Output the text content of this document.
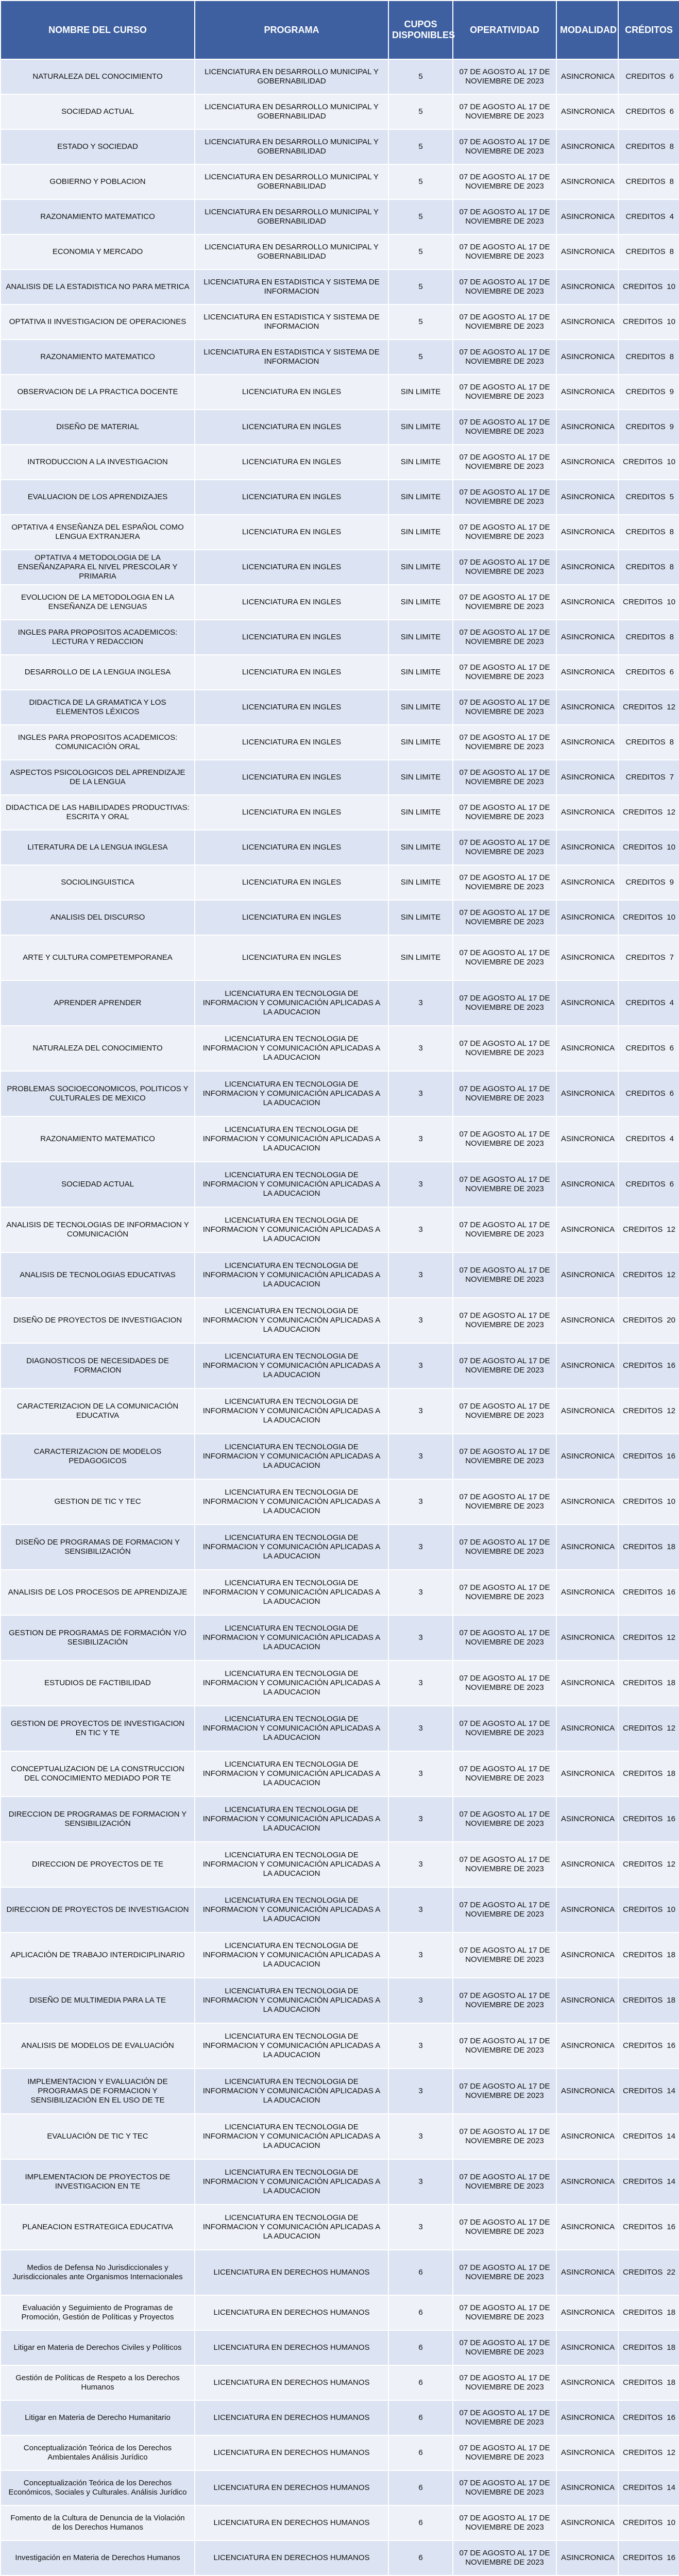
NOMBRE DEL CURSO	PROGRAMA	CUPOS DISPONIBLES	OPERATIVIDAD	MODALIDAD	CRÉDITOS
NATURALEZA DEL CONOCIMIENTO	LICENCIATURA EN DESARROLLO MUNICIPAL Y GOBERNABILIDAD	5	07 DE AGOSTO AL 17 DE NOVIEMBRE DE 2023	ASINCRONICA	CREDITOS 6
SOCIEDAD ACTUAL	LICENCIATURA EN DESARROLLO MUNICIPAL Y GOBERNABILIDAD	5	07 DE AGOSTO AL 17 DE NOVIEMBRE DE 2023	ASINCRONICA	CREDITOS 6
ESTADO Y SOCIEDAD	LICENCIATURA EN DESARROLLO MUNICIPAL Y GOBERNABILIDAD	5	07 DE AGOSTO AL 17 DE NOVIEMBRE DE 2023	ASINCRONICA	CREDITOS 8
GOBIERNO Y POBLACION	LICENCIATURA EN DESARROLLO MUNICIPAL Y GOBERNABILIDAD	5	07 DE AGOSTO AL 17 DE NOVIEMBRE DE 2023	ASINCRONICA	CREDITOS 8
RAZONAMIENTO MATEMATICO	LICENCIATURA EN DESARROLLO MUNICIPAL Y GOBERNABILIDAD	5	07 DE AGOSTO AL 17 DE NOVIEMBRE DE 2023	ASINCRONICA	CREDITOS 4
ECONOMIA Y MERCADO	LICENCIATURA EN DESARROLLO MUNICIPAL Y GOBERNABILIDAD	5	07 DE AGOSTO AL 17 DE NOVIEMBRE DE 2023	ASINCRONICA	CREDITOS 8
ANALISIS DE LA ESTADISTICA NO PARA METRICA	LICENCIATURA EN ESTADISTICA Y SISTEMA DE INFORMACION	5	07 DE AGOSTO AL 17 DE NOVIEMBRE DE 2023	ASINCRONICA	CREDITOS 10
OPTATIVA II INVESTIGACION DE OPERACIONES	LICENCIATURA EN ESTADISTICA Y SISTEMA DE INFORMACION	5	07 DE AGOSTO AL 17 DE NOVIEMBRE DE 2023	ASINCRONICA	CREDITOS 10
RAZONAMIENTO MATEMATICO	LICENCIATURA EN ESTADISTICA Y SISTEMA DE INFORMACION	5	07 DE AGOSTO AL 17 DE NOVIEMBRE DE 2023	ASINCRONICA	CREDITOS 8
OBSERVACION DE LA PRACTICA DOCENTE	LICENCIATURA EN INGLES	SIN LIMITE	07 DE AGOSTO AL 17 DE NOVIEMBRE DE 2023	ASINCRONICA	CREDITOS 9
DISEÑO DE MATERIAL	LICENCIATURA EN INGLES	SIN LIMITE	07 DE AGOSTO AL 17 DE NOVIEMBRE DE 2023	ASINCRONICA	CREDITOS 9
INTRODUCCION A LA INVESTIGACION	LICENCIATURA EN INGLES	SIN LIMITE	07 DE AGOSTO AL 17 DE NOVIEMBRE DE 2023	ASINCRONICA	CREDITOS 10
EVALUACION DE LOS APRENDIZAJES	LICENCIATURA EN INGLES	SIN LIMITE	07 DE AGOSTO AL 17 DE NOVIEMBRE DE 2023	ASINCRONICA	CREDITOS 5
OPTATIVA 4 ENSEÑANZA DEL ESPAÑOL COMO LENGUA EXTRANJERA	LICENCIATURA EN INGLES	SIN LIMITE	07 DE AGOSTO AL 17 DE NOVIEMBRE DE 2023	ASINCRONICA	CREDITOS 8
OPTATIVA 4 METODOLOGIA DE LA ENSEÑANZAPARA EL NIVEL PRESCOLAR Y PRIMARIA	LICENCIATURA EN INGLES	SIN LIMITE	07 DE AGOSTO AL 17 DE NOVIEMBRE DE 2023	ASINCRONICA	CREDITOS 8
EVOLUCION DE LA METODOLOGIA EN LA ENSEÑANZA DE LENGUAS	LICENCIATURA EN INGLES	SIN LIMITE	07 DE AGOSTO AL 17 DE NOVIEMBRE DE 2023	ASINCRONICA	CREDITOS 10
INGLES PARA PROPOSITOS ACADEMICOS: LECTURA Y REDACCION	LICENCIATURA EN INGLES	SIN LIMITE	07 DE AGOSTO AL 17 DE NOVIEMBRE DE 2023	ASINCRONICA	CREDITOS 8
DESARROLLO DE LA LENGUA INGLESA	LICENCIATURA EN INGLES	SIN LIMITE	07 DE AGOSTO AL 17 DE NOVIEMBRE DE 2023	ASINCRONICA	CREDITOS 6
DIDACTICA DE LA GRAMATICA Y LOS ELEMENTOS LÉXICOS	LICENCIATURA EN INGLES	SIN LIMITE	07 DE AGOSTO AL 17 DE NOVIEMBRE DE 2023	ASINCRONICA	CREDITOS 12
INGLES PARA PROPOSITOS ACADEMICOS: COMUNICACIÓN ORAL	LICENCIATURA EN INGLES	SIN LIMITE	07 DE AGOSTO AL 17 DE NOVIEMBRE DE 2023	ASINCRONICA	CREDITOS 8
ASPECTOS PSICOLOGICOS DEL APRENDIZAJE DE LA LENGUA	LICENCIATURA EN INGLES	SIN LIMITE	07 DE AGOSTO AL 17 DE NOVIEMBRE DE 2023	ASINCRONICA	CREDITOS 7
DIDACTICA DE LAS HABILIDADES PRODUCTIVAS: ESCRITA Y ORAL	LICENCIATURA EN INGLES	SIN LIMITE	07 DE AGOSTO AL 17 DE NOVIEMBRE DE 2023	ASINCRONICA	CREDITOS 12
LITERATURA DE LA LENGUA INGLESA	LICENCIATURA EN INGLES	SIN LIMITE	07 DE AGOSTO AL 17 DE NOVIEMBRE DE 2023	ASINCRONICA	CREDITOS 10
SOCIOLINGUISTICA	LICENCIATURA EN INGLES	SIN LIMITE	07 DE AGOSTO AL 17 DE NOVIEMBRE DE 2023	ASINCRONICA	CREDITOS 9
ANALISIS DEL DISCURSO	LICENCIATURA EN INGLES	SIN LIMITE	07 DE AGOSTO AL 17 DE NOVIEMBRE DE 2023	ASINCRONICA	CREDITOS 10
ARTE Y CULTURA COMPETEMPORANEA	LICENCIATURA EN INGLES	SIN LIMITE	07 DE AGOSTO AL 17 DE NOVIEMBRE DE 2023	ASINCRONICA	CREDITOS 7
APRENDER APRENDER	LICENCIATURA EN TECNOLOGIA DE INFORMACION Y COMUNICACIÓN APLICADAS A LA ADUCACION	3	07 DE AGOSTO AL 17 DE NOVIEMBRE DE 2023	ASINCRONICA	CREDITOS 4
NATURALEZA DEL CONOCIMIENTO	LICENCIATURA EN TECNOLOGIA DE INFORMACION Y COMUNICACIÓN APLICADAS A LA ADUCACION	3	07 DE AGOSTO AL 17 DE NOVIEMBRE DE 2023	ASINCRONICA	CREDITOS 6
PROBLEMAS SOCIOECONOMICOS, POLITICOS Y CULTURALES DE MEXICO	LICENCIATURA EN TECNOLOGIA DE INFORMACION Y COMUNICACIÓN APLICADAS A LA ADUCACION	3	07 DE AGOSTO AL 17 DE NOVIEMBRE DE 2023	ASINCRONICA	CREDITOS 6
RAZONAMIENTO MATEMATICO	LICENCIATURA EN TECNOLOGIA DE INFORMACION Y COMUNICACIÓN APLICADAS A LA ADUCACION	3	07 DE AGOSTO AL 17 DE NOVIEMBRE DE 2023	ASINCRONICA	CREDITOS 4
SOCIEDAD ACTUAL	LICENCIATURA EN TECNOLOGIA DE INFORMACION Y COMUNICACIÓN APLICADAS A LA ADUCACION	3	07 DE AGOSTO AL 17 DE NOVIEMBRE DE 2023	ASINCRONICA	CREDITOS 6
ANALISIS DE TECNOLOGIAS DE INFORMACION Y COMUNICACIÓN	LICENCIATURA EN TECNOLOGIA DE INFORMACION Y COMUNICACIÓN APLICADAS A LA ADUCACION	3	07 DE AGOSTO AL 17 DE NOVIEMBRE DE 2023	ASINCRONICA	CREDITOS 12
ANALISIS DE TECNOLOGIAS EDUCATIVAS	LICENCIATURA EN TECNOLOGIA DE INFORMACION Y COMUNICACIÓN APLICADAS A LA ADUCACION	3	07 DE AGOSTO AL 17 DE NOVIEMBRE DE 2023	ASINCRONICA	CREDITOS 12
DISEÑO DE PROYECTOS DE INVESTIGACION	LICENCIATURA EN TECNOLOGIA DE INFORMACION Y COMUNICACIÓN APLICADAS A LA ADUCACION	3	07 DE AGOSTO AL 17 DE NOVIEMBRE DE 2023	ASINCRONICA	CREDITOS 20
DIAGNOSTICOS DE NECESIDADES DE FORMACION	LICENCIATURA EN TECNOLOGIA DE INFORMACION Y COMUNICACIÓN APLICADAS A LA ADUCACION	3	07 DE AGOSTO AL 17 DE NOVIEMBRE DE 2023	ASINCRONICA	CREDITOS 16
CARACTERIZACION DE LA COMUNICACIÓN EDUCATIVA	LICENCIATURA EN TECNOLOGIA DE INFORMACION Y COMUNICACIÓN APLICADAS A LA ADUCACION	3	07 DE AGOSTO AL 17 DE NOVIEMBRE DE 2023	ASINCRONICA	CREDITOS 12
CARACTERIZACION DE MODELOS PEDAGOGICOS	LICENCIATURA EN TECNOLOGIA DE INFORMACION Y COMUNICACIÓN APLICADAS A LA ADUCACION	3	07 DE AGOSTO AL 17 DE NOVIEMBRE DE 2023	ASINCRONICA	CREDITOS 16
GESTION DE TIC Y TEC	LICENCIATURA EN TECNOLOGIA DE INFORMACION Y COMUNICACIÓN APLICADAS A LA ADUCACION	3	07 DE AGOSTO AL 17 DE NOVIEMBRE DE 2023	ASINCRONICA	CREDITOS 10
DISEÑO DE PROGRAMAS DE FORMACION Y SENSIBILIZACIÓN	LICENCIATURA EN TECNOLOGIA DE INFORMACION Y COMUNICACIÓN APLICADAS A LA ADUCACION	3	07 DE AGOSTO AL 17 DE NOVIEMBRE DE 2023	ASINCRONICA	CREDITOS 18
ANALISIS DE LOS PROCESOS DE APRENDIZAJE	LICENCIATURA EN TECNOLOGIA DE INFORMACION Y COMUNICACIÓN APLICADAS A LA ADUCACION	3	07 DE AGOSTO AL 17 DE NOVIEMBRE DE 2023	ASINCRONICA	CREDITOS 16
GESTION DE PROGRAMAS DE FORMACIÓN Y/O SESIBILIZACIÓN	LICENCIATURA EN TECNOLOGIA DE INFORMACION Y COMUNICACIÓN APLICADAS A LA ADUCACION	3	07 DE AGOSTO AL 17 DE NOVIEMBRE DE 2023	ASINCRONICA	CREDITOS 12
ESTUDIOS DE FACTIBILIDAD	LICENCIATURA EN TECNOLOGIA DE INFORMACION Y COMUNICACIÓN APLICADAS A LA ADUCACION	3	07 DE AGOSTO AL 17 DE NOVIEMBRE DE 2023	ASINCRONICA	CREDITOS 18
GESTION DE PROYECTOS DE INVESTIGACION EN TIC Y TE	LICENCIATURA EN TECNOLOGIA DE INFORMACION Y COMUNICACIÓN APLICADAS A LA ADUCACION	3	07 DE AGOSTO AL 17 DE NOVIEMBRE DE 2023	ASINCRONICA	CREDITOS 12
CONCEPTUALIZACION DE LA CONSTRUCCION DEL CONOCIMIENTO MEDIADO POR TE	LICENCIATURA EN TECNOLOGIA DE INFORMACION Y COMUNICACIÓN APLICADAS A LA ADUCACION	3	07 DE AGOSTO AL 17 DE NOVIEMBRE DE 2023	ASINCRONICA	CREDITOS 18
DIRECCION DE PROGRAMAS DE FORMACION Y SENSIBILIZACIÓN	LICENCIATURA EN TECNOLOGIA DE INFORMACION Y COMUNICACIÓN APLICADAS A LA ADUCACION	3	07 DE AGOSTO AL 17 DE NOVIEMBRE DE 2023	ASINCRONICA	CREDITOS 16
DIRECCION DE PROYECTOS DE TE	LICENCIATURA EN TECNOLOGIA DE INFORMACION Y COMUNICACIÓN APLICADAS A LA ADUCACION	3	07 DE AGOSTO AL 17 DE NOVIEMBRE DE 2023	ASINCRONICA	CREDITOS 12
DIRECCION DE PROYECTOS DE INVESTIGACION	LICENCIATURA EN TECNOLOGIA DE INFORMACION Y COMUNICACIÓN APLICADAS A LA ADUCACION	3	07 DE AGOSTO AL 17 DE NOVIEMBRE DE 2023	ASINCRONICA	CREDITOS 10
APLICACIÓN DE TRABAJO INTERDICIPLINARIO	LICENCIATURA EN TECNOLOGIA DE INFORMACION Y COMUNICACIÓN APLICADAS A LA ADUCACION	3	07 DE AGOSTO AL 17 DE NOVIEMBRE DE 2023	ASINCRONICA	CREDITOS 18
DISEÑO DE MULTIMEDIA PARA LA TE	LICENCIATURA EN TECNOLOGIA DE INFORMACION Y COMUNICACIÓN APLICADAS A LA ADUCACION	3	07 DE AGOSTO AL 17 DE NOVIEMBRE DE 2023	ASINCRONICA	CREDITOS 18
ANALISIS DE MODELOS DE EVALUACIÓN	LICENCIATURA EN TECNOLOGIA DE INFORMACION Y COMUNICACIÓN APLICADAS A LA ADUCACION	3	07 DE AGOSTO AL 17 DE NOVIEMBRE DE 2023	ASINCRONICA	CREDITOS 16
IMPLEMENTACION Y EVALUACIÓN DE PROGRAMAS DE FORMACION Y SENSIBILIZACIÓN EN EL USO DE TE	LICENCIATURA EN TECNOLOGIA DE INFORMACION Y COMUNICACIÓN APLICADAS A LA ADUCACION	3	07 DE AGOSTO AL 17 DE NOVIEMBRE DE 2023	ASINCRONICA	CREDITOS 14
EVALUACIÓN DE TIC Y TEC	LICENCIATURA EN TECNOLOGIA DE INFORMACION Y COMUNICACIÓN APLICADAS A LA ADUCACION	3	07 DE AGOSTO AL 17 DE NOVIEMBRE DE 2023	ASINCRONICA	CREDITOS 14
IMPLEMENTACION DE PROYECTOS DE INVESTIGACION EN TE	LICENCIATURA EN TECNOLOGIA DE INFORMACION Y COMUNICACIÓN APLICADAS A LA ADUCACION	3	07 DE AGOSTO AL 17 DE NOVIEMBRE DE 2023	ASINCRONICA	CREDITOS 14
PLANEACION ESTRATEGICA EDUCATIVA	LICENCIATURA EN TECNOLOGIA DE INFORMACION Y COMUNICACIÓN APLICADAS A LA ADUCACION	3	07 DE AGOSTO AL 17 DE NOVIEMBRE DE 2023	ASINCRONICA	CREDITOS 16
Medios de Defensa No Jurisdiccionales y Jurisdiccionales ante Organismos Internacionales	LICENCIATURA EN DERECHOS HUMANOS	6	07 DE AGOSTO AL 17 DE NOVIEMBRE DE 2023	ASINCRONICA	CREDITOS 22
Evaluación y Seguimiento de Programas de Promoción, Gestión de Políticas y Proyectos	LICENCIATURA EN DERECHOS HUMANOS	6	07 DE AGOSTO AL 17 DE NOVIEMBRE DE 2023	ASINCRONICA	CREDITOS 18
Litigar en Materia de Derechos Civiles y Políticos	LICENCIATURA EN DERECHOS HUMANOS	6	07 DE AGOSTO AL 17 DE NOVIEMBRE DE 2023	ASINCRONICA	CREDITOS 18
Gestión de Políticas de Respeto a los Derechos Humanos	LICENCIATURA EN DERECHOS HUMANOS	6	07 DE AGOSTO AL 17 DE NOVIEMBRE DE 2023	ASINCRONICA	CREDITOS 18
Litigar en Materia de Derecho Humanitario	LICENCIATURA EN DERECHOS HUMANOS	6	07 DE AGOSTO AL 17 DE NOVIEMBRE DE 2023	ASINCRONICA	CREDITOS 16
Conceptualización Teórica de los Derechos Ambientales Análisis Jurídico	LICENCIATURA EN DERECHOS HUMANOS	6	07 DE AGOSTO AL 17 DE NOVIEMBRE DE 2023	ASINCRONICA	CREDITOS 12
Conceptualización Teórica de los Derechos Económicos, Sociales y Culturales. Análisis Jurídico	LICENCIATURA EN DERECHOS HUMANOS	6	07 DE AGOSTO AL 17 DE NOVIEMBRE DE 2023	ASINCRONICA	CREDITOS 14
Fomento de la Cultura de Denuncia de la Violación de los Derechos Humanos	LICENCIATURA EN DERECHOS HUMANOS	6	07 DE AGOSTO AL 17 DE NOVIEMBRE DE 2023	ASINCRONICA	CREDITOS 10
Investigación en Materia de Derechos Humanos	LICENCIATURA EN DERECHOS HUMANOS	6	07 DE AGOSTO AL 17 DE NOVIEMBRE DE 2023	ASINCRONICA	CREDITOS 16
